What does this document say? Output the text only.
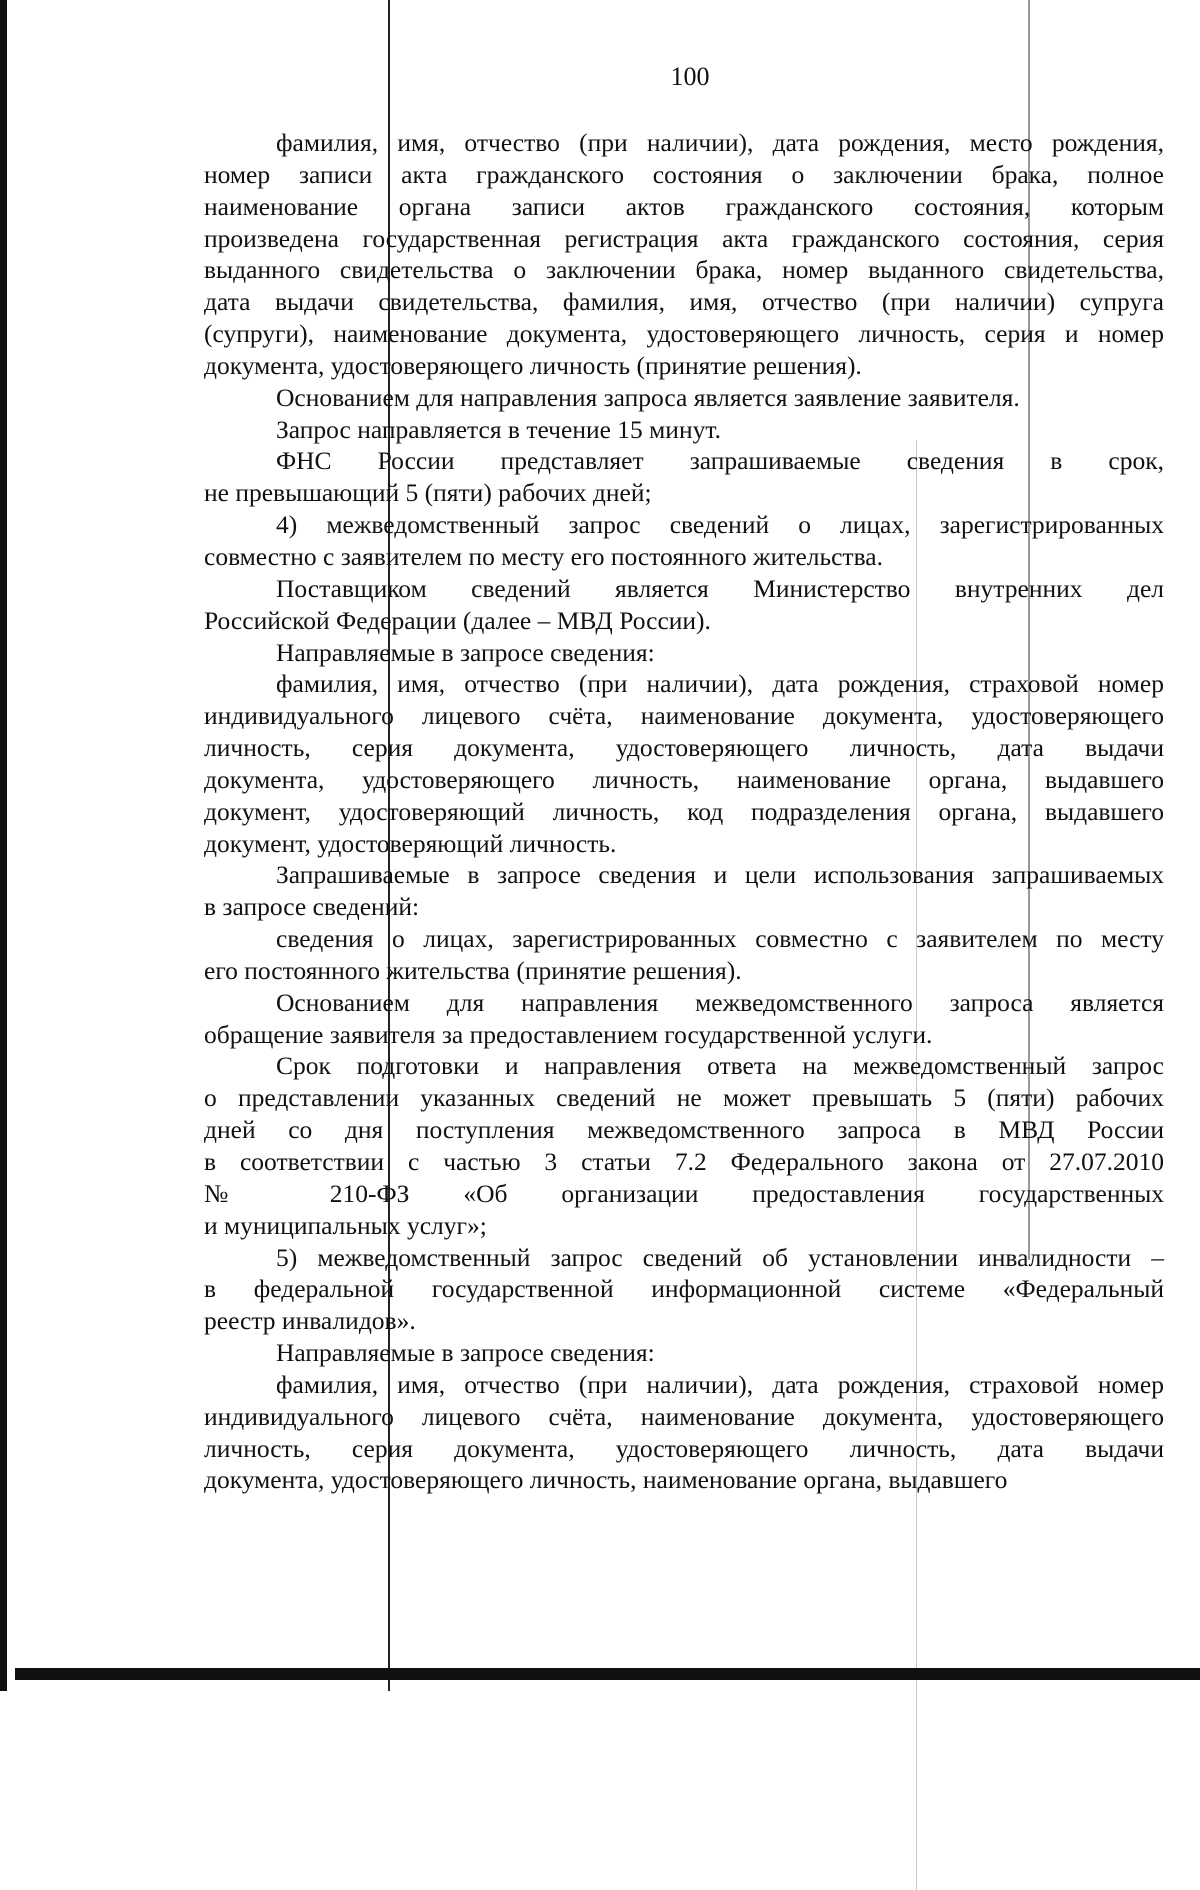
100
фамилия, имя, отчество (при наличии), дата рождения, место рождения,
номер записи акта гражданского состояния о заключении брака, полное
наименование органа записи актов гражданского состояния, которым
произведена государственная регистрация акта гражданского состояния, серия
выданного свидетельства о заключении брака, номер выданного свидетельства,
дата выдачи свидетельства, фамилия, имя, отчество (при наличии) супруга
(супруги), наименование документа, удостоверяющего личность, серия и номер
документа, удостоверяющего личность (принятие решения).
Основанием для направления запроса является заявление заявителя.
Запрос направляется в течение 15 минут.
ФНС России представляет запрашиваемые сведения в срок,
не превышающий 5 (пяти) рабочих дней;
4) межведомственный запрос сведений о лицах, зарегистрированных
совместно с заявителем по месту его постоянного жительства.
Поставщиком сведений является Министерство внутренних дел
Российской Федерации (далее – МВД России).
Направляемые в запросе сведения:
фамилия, имя, отчество (при наличии), дата рождения, страховой номер
индивидуального лицевого счёта, наименование документа, удостоверяющего
личность, серия документа, удостоверяющего личность, дата выдачи
документа, удостоверяющего личность, наименование органа, выдавшего
документ, удостоверяющий личность, код подразделения органа, выдавшего
документ, удостоверяющий личность.
Запрашиваемые в запросе сведения и цели использования запрашиваемых
в запросе сведений:
сведения о лицах, зарегистрированных совместно с заявителем по месту
его постоянного жительства (принятие решения).
Основанием для направления межведомственного запроса является
обращение заявителя за предоставлением государственной услуги.
Срок подготовки и направления ответа на межведомственный запрос
о представлении указанных сведений не может превышать 5 (пяти) рабочих
дней со дня поступления межведомственного запроса в МВД России
в соответствии с частью 3 статьи 7.2 Федерального закона от 27.07.2010
№ 210-ФЗ «Об организации предоставления государственных
и муниципальных услуг»;
5) межведомственный запрос сведений об установлении инвалидности –
в федеральной государственной информационной системе «Федеральный
реестр инвалидов».
Направляемые в запросе сведения:
фамилия, имя, отчество (при наличии), дата рождения, страховой номер
индивидуального лицевого счёта, наименование документа, удостоверяющего
личность, серия документа, удостоверяющего личность, дата выдачи
документа, удостоверяющего личность, наименование органа, выдавшего
